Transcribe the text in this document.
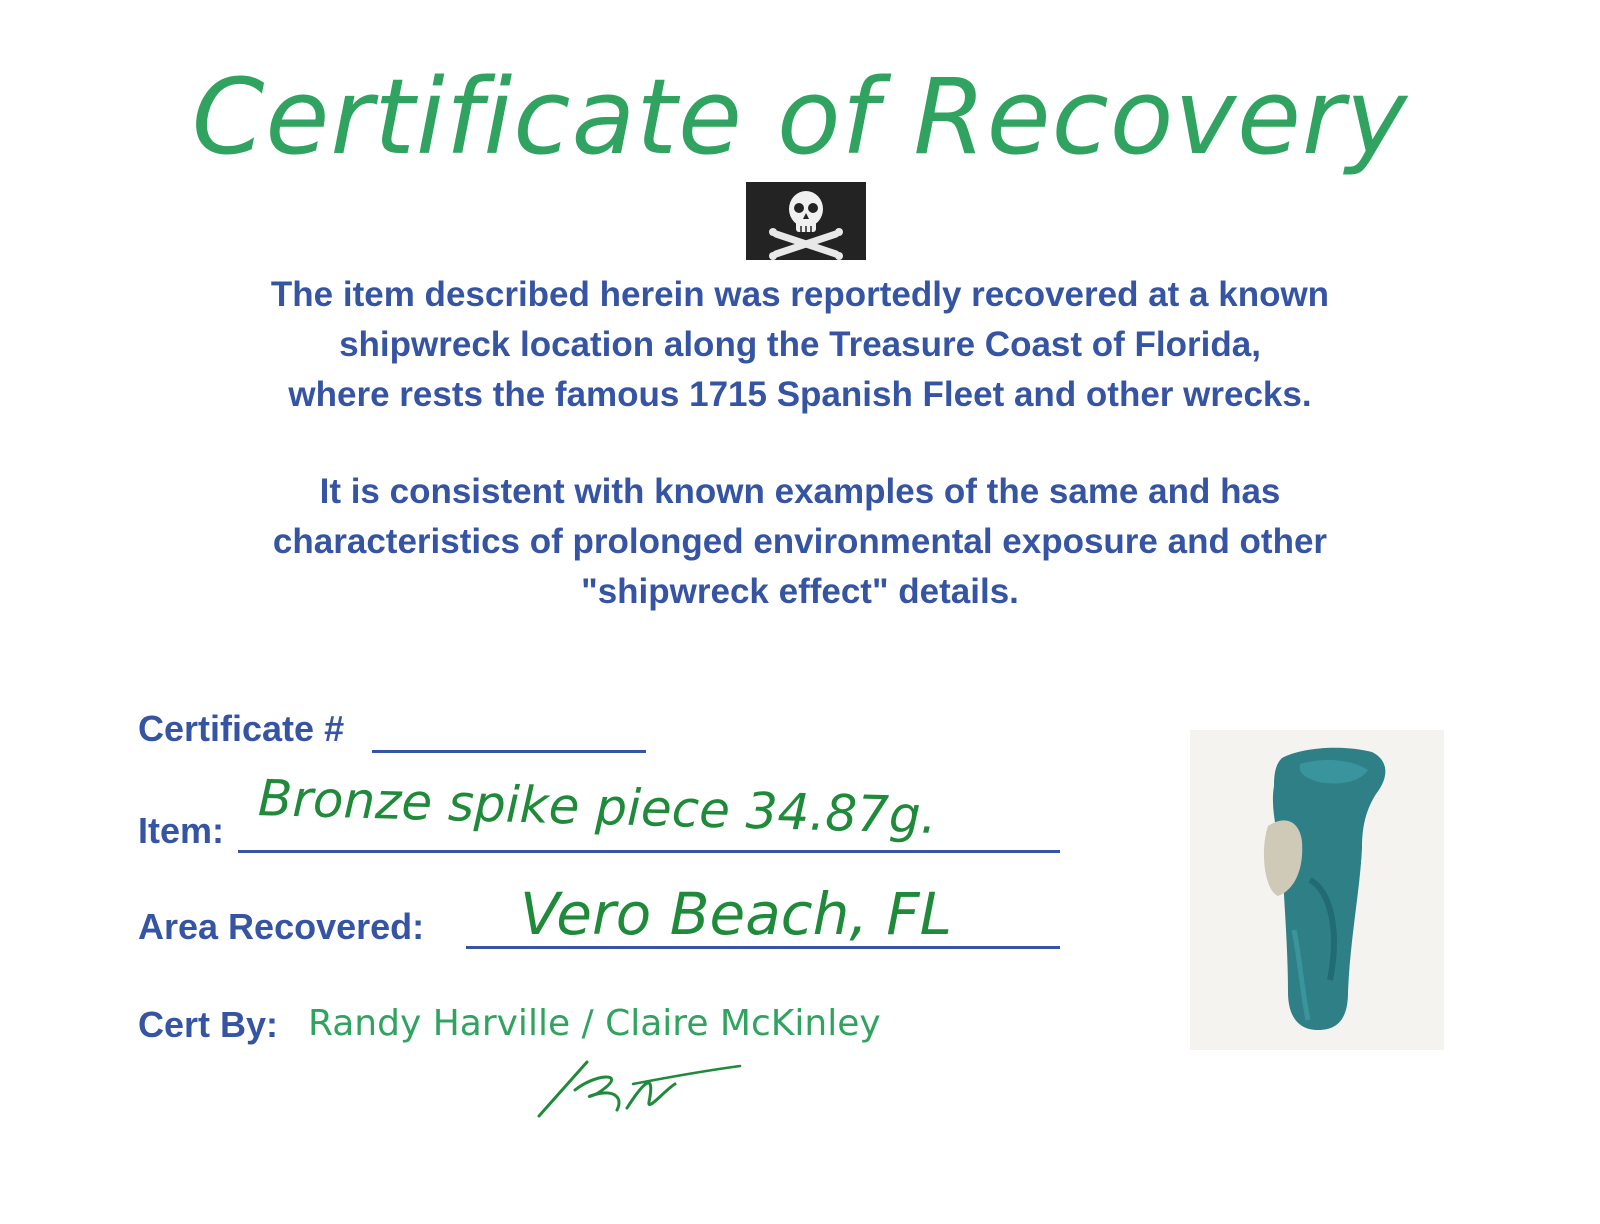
Certificate of Recovery
The item described herein was reportedly recovered at a known
shipwreck location along the Treasure Coast of Florida,
where rests the famous 1715 Spanish Fleet and other wrecks.
It is consistent with known examples of the same and has
characteristics of prolonged environmental exposure and other
"shipwreck effect" details.
Certificate #
Item: Bronze spike piece 34.87g.
Area Recovered: Vero Beach, FL
Cert By: Randy Harville / Claire McKinley
